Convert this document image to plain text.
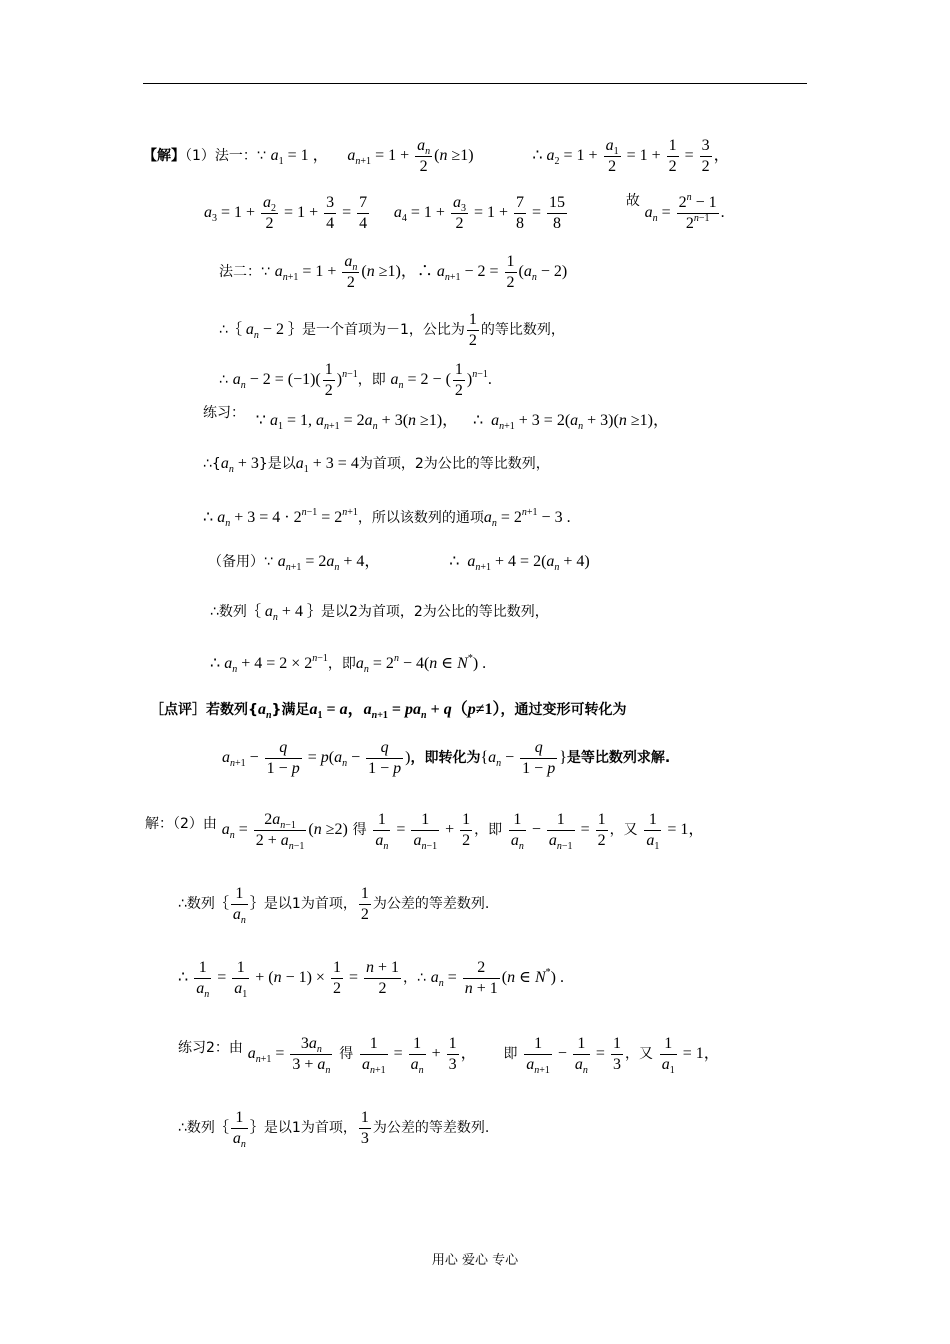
【解】（1）法一：∵ $a_1 = 1$ ， $a_{n+1} = 1 + \frac{a_n}{2} (n \ge 1)$	∴ $a_2 = 1 + \frac{a_1}{2} = 1 + \frac{1}{2} = \frac{3}{2}$ ，
$a_3 = 1 + \frac{a_2}{2} = 1 + \frac{3}{4} = \frac{7}{4} a_4 = 1 + \frac{a_3}{2} = 1 + \frac{7}{8} = \frac{15}{8}$	故 $a_n = \frac{2^n - 1}{2^{n-1}}$ .
法二：∵ $a_{n+1} = 1 + \frac{a_n}{2} (n \ge 1)$，∴ $a_{n+1} - 2 = \frac{1}{2} (a_n - 2)$
∴｛ $a_n - 2$ ｝是一个首项为－1，公比为 $\frac{1}{2}$ 的等比数列，
∴ $a_n - 2 = (-1)( \frac{1}{2} )^{n-1}$，即 $a_n = 2$ − ( $\frac{1}{2} )^{n-1}$.
练习： ∵ $a_1 = 1$, $a_{n+1} = 2a_n + 3(n \ge 1)$， ∴  $a_{n+1} + 3 = 2(a_n + 3)(n \ge 1)$，
$\therefore\{a_n + 3\}$是以$a_1 + 3 = 4$为首项，2为公比的等比数列，
∴ $a_n + 3 = 4 \cdot 2^{n-1} = 2^{n+1}$，所以该数列的通项$a_n = 2^{n+1} - 3$ .
（备用）∵ $a_{n+1} = 2a_n + 4$，	∴  $a_{n+1} + 4 = 2(a_n + 4)$
∴数列｛ $a_n + 4$ ｝是以2为首项，2为公比的等比数列，
∴ $a_n + 4 = 2 \times 2^{n-1}$，即$a_n = 2^n - 4(n$ ∈ N*) .
［点评］若数列$\{a_n\}$满足$a_1 = a$，$a_{n+1} = pa_n + q(p\ne 1)$，通过变形可转化为
$a_{n+1} - \frac{q}{1 - p} = p(a_n - \frac{q}{1 - p}$ )，即转化为{$a_n - \frac{q}{1 - p}$ }是等比数列求解.
解：（2）由 $a_n = \frac{2a_{n-1}}{2 + a_{n-1}} (n \ge 2)$ 得 $\frac{1}{a_n} = \frac{1}{a_{n-1}} + \frac{1}{2}$ ，即 $\frac{1}{a_n} - \frac{1}{a_{n-1}} = \frac{1}{2}$ ，又 $\frac{1}{a_1} = 1$，
∴数列｛ $\frac{1}{a_n}$ ｝是以1为首项， $\frac{1}{2}$ 为公差的等差数列.
∴ $\frac{1}{a_n} = \frac{1}{a_1} + (n - 1) \times \frac{1}{2} = \frac{n + 1}{2}$ ，∴ $a_n = \frac{2}{n + 1} (n$ ∈ N*) .
练习2：由 $a_{n+1} = \frac{3a_n}{3 + a_n}$ 得 $\frac{1}{a_{n+1}} = \frac{1}{a_n} + \frac{1}{3}$ ， 即 $\frac{1}{a_{n+1}} - \frac{1}{a_n} = \frac{1}{3}$ ，又 $\frac{1}{a_1} = 1$，
∴数列｛ $\frac{1}{a_n}$ ｝是以1为首项， $\frac{1}{3}$ 为公差的等差数列.
用心 爱心 专心
